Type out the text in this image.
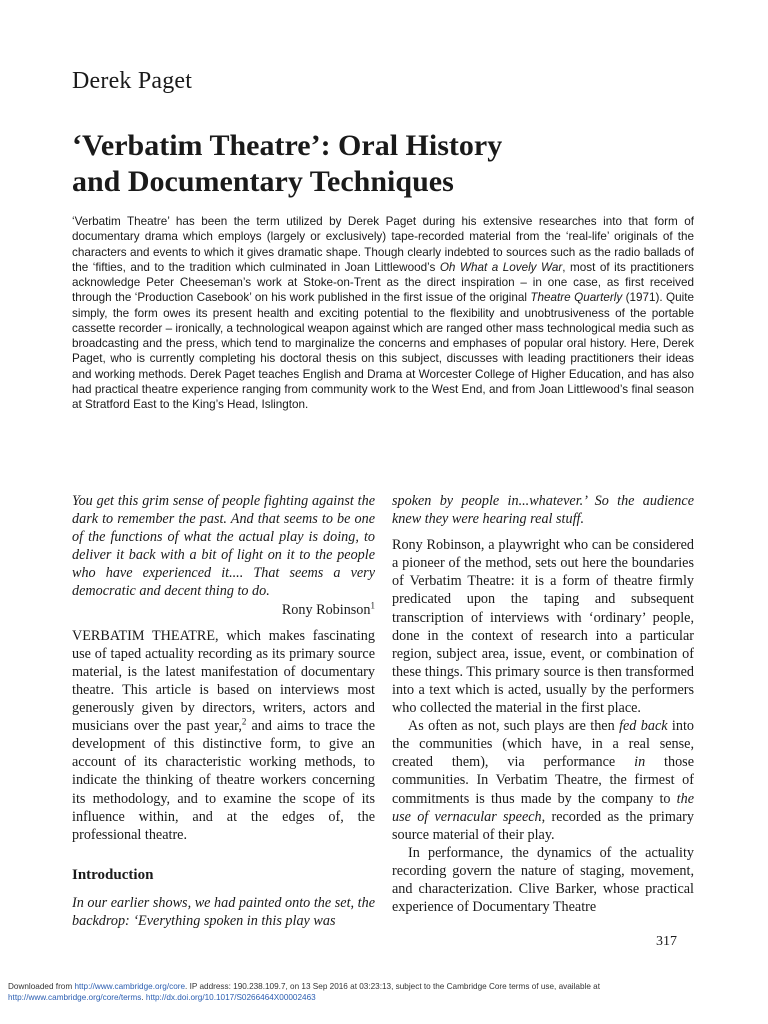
Derek Paget
‘Verbatim Theatre’: Oral History
and Documentary Techniques
‘Verbatim Theatre’ has been the term utilized by Derek Paget during his extensive researches into that form of documentary drama which employs (largely or exclusively) tape-recorded material from the ‘real-life’ originals of the characters and events to which it gives dramatic shape. Though clearly indebted to sources such as the radio ballads of the ‘fifties, and to the tradition which culminated in Joan Littlewood’s Oh What a Lovely War, most of its practitioners acknowledge Peter Cheeseman’s work at Stoke-on-Trent as the direct inspiration – in one case, as first received through the ‘Production Casebook’ on his work published in the first issue of the original Theatre Quarterly (1971). Quite simply, the form owes its present health and exciting potential to the flexibility and unobtrusiveness of the portable cassette recorder – ironically, a technological weapon against which are ranged other mass technological media such as broadcasting and the press, which tend to marginalize the concerns and emphases of popular oral history. Here, Derek Paget, who is currently completing his doctoral thesis on this subject, discusses with leading practitioners their ideas and working methods. Derek Paget teaches English and Drama at Worcester College of Higher Education, and has also had practical theatre experience ranging from community work to the West End, and from Joan Littlewood’s final season at Stratford East to the King’s Head, Islington.

You get this grim sense of people fighting against the dark to remember the past. And that seems to be one of the functions of what the actual play is doing, to deliver it back with a bit of light on it to the people who have experienced it.... That seems a very democratic and decent thing to do.

Rony Robinson$^1$

VERBATIM THEATRE, which makes fascinating use of taped actuality recording as its primary source material, is the latest manifestation of documentary theatre. This article is based on interviews most generously given by directors, writers, actors and musicians over the past year,$^2$ and aims to trace the development of this distinctive form, to give an account of its characteristic working methods, to indicate the thinking of theatre workers concerning its methodology, and to examine the scope of its influence within, and at the edges of, the professional theatre.

Introduction

In our earlier shows, we had painted onto the set, the backdrop: ‘Everything spoken in this play was

spoken by people in...whatever.’ So the audience knew they were hearing real stuff.

Rony Robinson, a playwright who can be considered a pioneer of the method, sets out here the boundaries of Verbatim Theatre: it is a form of theatre firmly predicated upon the taping and subsequent transcription of interviews with ‘ordinary’ people, done in the context of research into a particular region, subject area, issue, event, or combination of these things. This primary source is then transformed into a text which is acted, usually by the performers who collected the material in the first place.

As often as not, such plays are then fed back into the communities (which have, in a real sense, created them), via performance in those communities. In Verbatim Theatre, the firmest of commitments is thus made by the company to the use of vernacular speech, recorded as the primary source material of their play.

In performance, the dynamics of the actuality recording govern the nature of staging, movement, and characterization. Clive Barker, whose practical experience of Documentary Theatre

317
Downloaded from http://www.cambridge.org/core. IP address: 190.238.109.7, on 13 Sep 2016 at 03:23:13, subject to the Cambridge Core terms of use, available at
http://www.cambridge.org/core/terms. http://dx.doi.org/10.1017/S0266464X00002463
